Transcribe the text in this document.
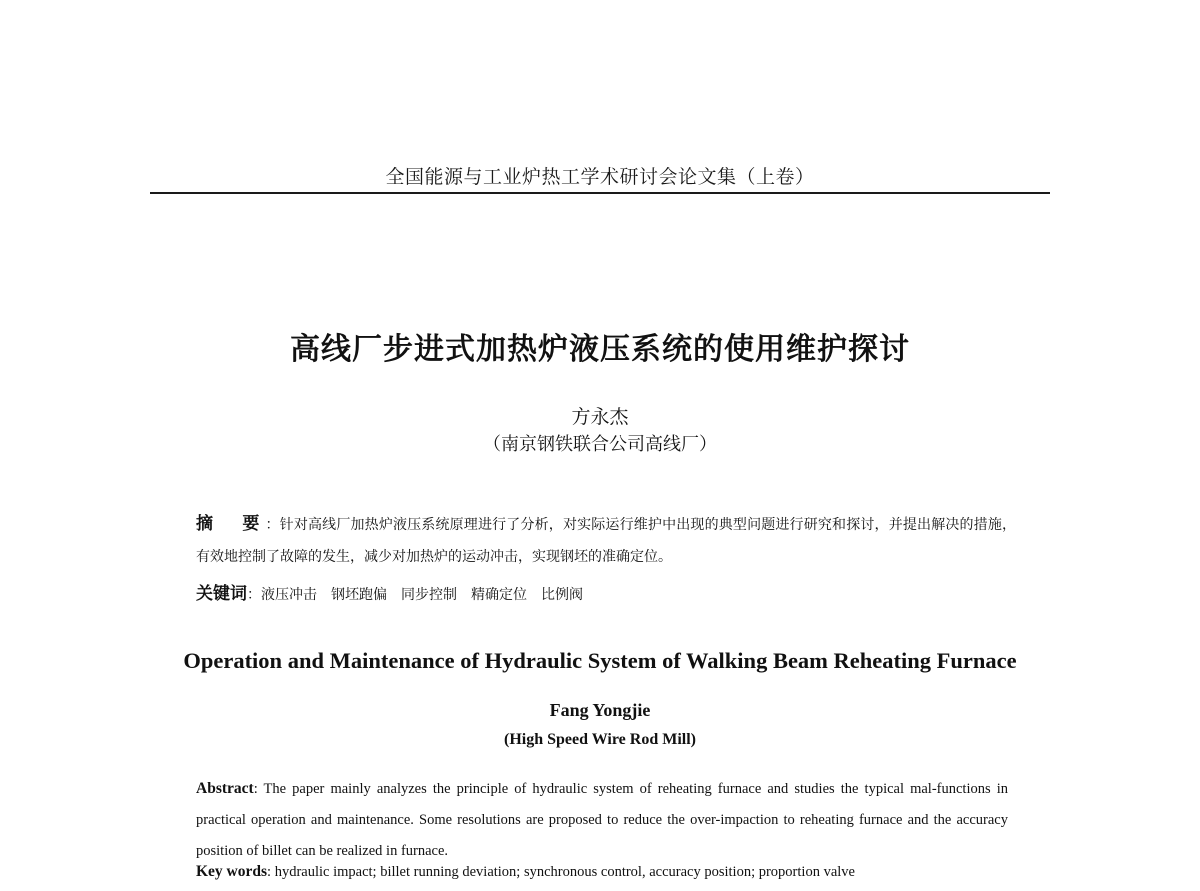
全国能源与工业炉热工学术研讨会论文集（上卷）
高线厂步进式加热炉液压系统的使用维护探讨
方永杰
（南京钢铁联合公司高线厂）
摘　要：针对高线厂加热炉液压系统原理进行了分析，对实际运行维护中出现的典型问题进行研究和探讨，并提出解决的措施，有效地控制了故障的发生，减少对加热炉的运动冲击，实现钢坯的准确定位。
关键词：液压冲击 钢坯跑偏 同步控制 精确定位 比例阀
Operation and Maintenance of Hydraulic System of Walking Beam Reheating Furnace
Fang Yongjie
(High Speed Wire Rod Mill)
Abstract: The paper mainly analyzes the principle of hydraulic system of reheating furnace and studies the typical mal-functions in practical operation and maintenance. Some resolutions are proposed to reduce the over-impaction to reheating furnace and the accuracy position of billet can be realized in furnace.
Key words: hydraulic impact; billet running deviation; synchronous control, accuracy position; proportion valve
